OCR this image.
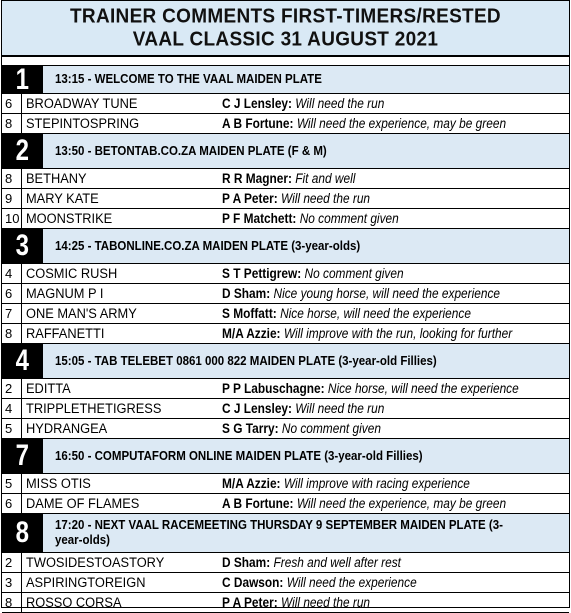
TRAINER COMMENTS FIRST-TIMERS/RESTED
VAAL CLASSIC 31 AUGUST 2021
1 13:15 - WELCOME TO THE VAAL MAIDEN PLATE
6	BROADWAY TUNE	C J Lensley: Will need the run
8	STEPINTOSPRING	A B Fortune: Will need the experience, may be green
2 13:50 - BETONTAB.CO.ZA MAIDEN PLATE (F & M)
8	BETHANY	R R Magner: Fit and well
9	MARY KATE	P A Peter: Will need the run
10 MOONSTRIKE	P F Matchett: No comment given
3 14:25 - TABONLINE.CO.ZA MAIDEN PLATE (3-year-olds)
4	COSMIC RUSH	S T Pettigrew: No comment given
6	MAGNUM P I	D Sham: Nice young horse, will need the experience
7	ONE MAN'S ARMY	S Moffatt: Nice horse, will need the experience
8	RAFFANETTI	M/A Azzie: Will improve with the run, looking for further
4 15:05 - TAB TELEBET 0861 000 822 MAIDEN PLATE (3-year-old Fillies)
2	EDITTA	P P Labuschagne: Nice horse, will need the experience
4	TRIPPLETHETIGRESS	C J Lensley: Will need the run
5	HYDRANGEA	S G Tarry: No comment given
7 16:50 - COMPUTAFORM ONLINE MAIDEN PLATE (3-year-old Fillies)
5	MISS OTIS	M/A Azzie: Will improve with racing experience
6	DAME OF FLAMES	A B Fortune: Will need the experience, may be green
8 17:20 - NEXT VAAL RACEMEETING THURSDAY 9 SEPTEMBER MAIDEN PLATE (3-year-olds)
2	TWOSIDESTOASTORY	D Sham: Fresh and well after rest
3	ASPIRINGTOREIGN	C Dawson: Will need the experience
8	ROSSO CORSA	P A Peter: Will need the run
